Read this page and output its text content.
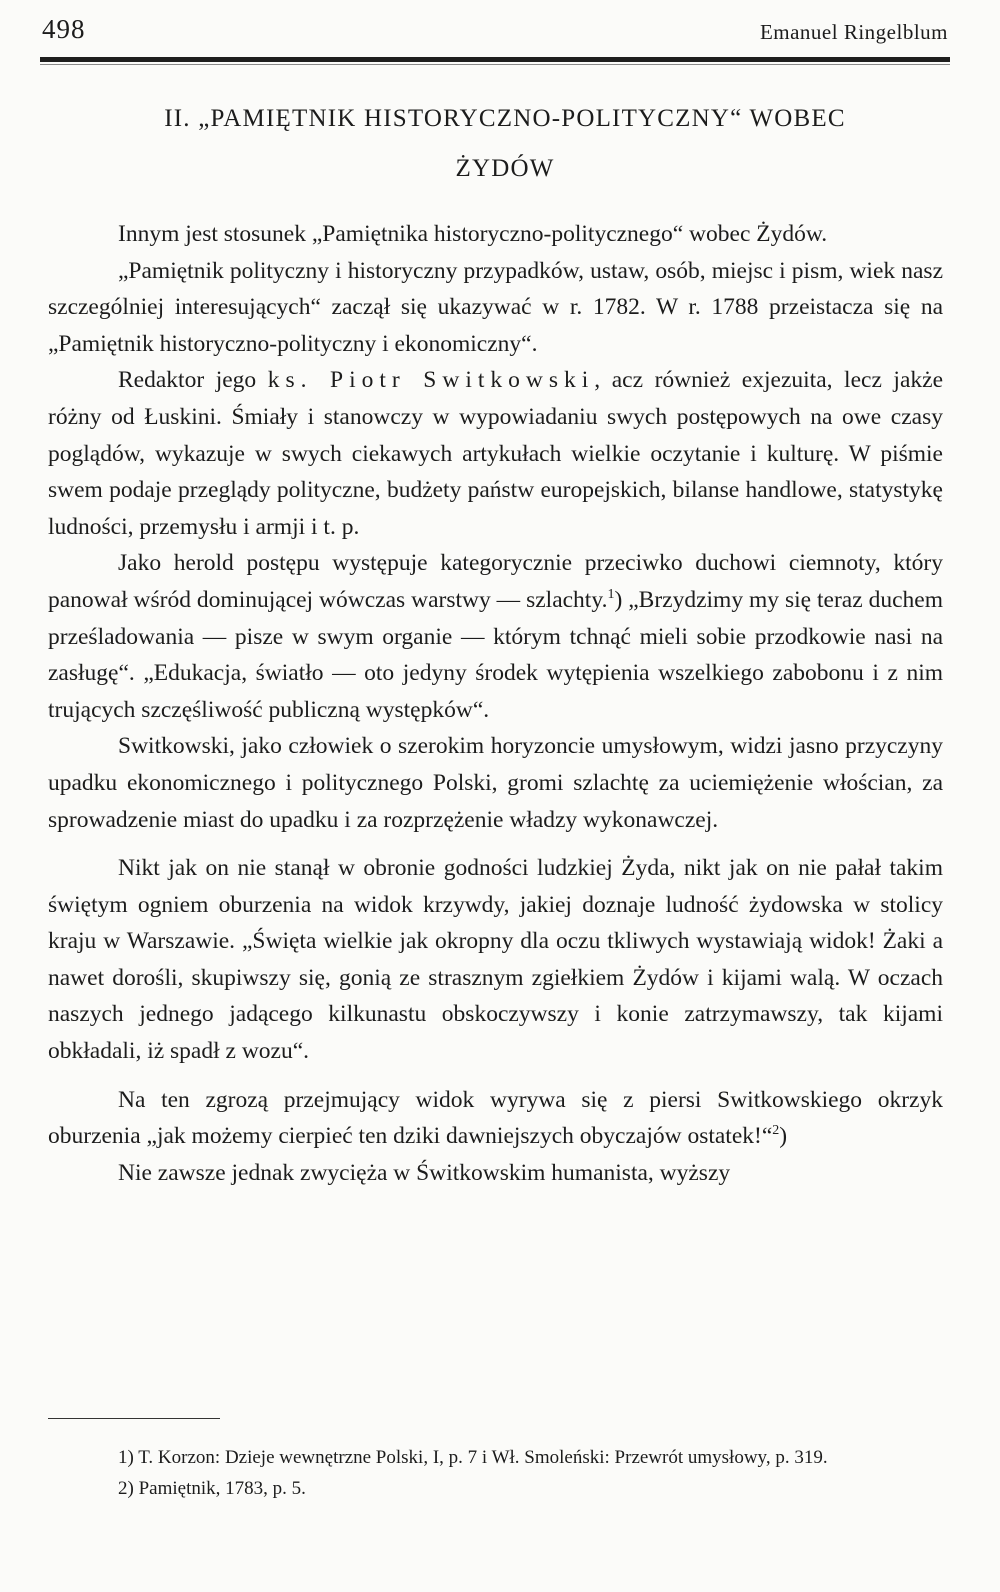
498	Emanuel Ringelblum
II. „PAMIĘTNIK HISTORYCZNO-POLITYCZNY“ WOBEC
ŻYDÓW

Innym jest stosunek „Pamiętnika historyczno-politycznego“ wobec Żydów.

„Pamiętnik polityczny i historyczny przypadków, ustaw, osób, miejsc i pism, wiek nasz szczególniej interesujących“ zaczął się ukazywać w r. 1782. W r. 1788 przeistacza się na „Pamiętnik historyczno-polityczny i ekonomiczny“.

Redaktor jego ks. Piotr Switkowski, acz również exjezuita, lecz jakże różny od Łuskini. Śmiały i stanowczy w wypowiadaniu swych postępowych na owe czasy poglądów, wykazuje w swych ciekawych artykułach wielkie oczytanie i kulturę. W piśmie swem podaje przeglądy polityczne, budżety państw europejskich, bilanse handlowe, statystykę ludności, przemysłu i armji i t. p.

Jako herold postępu występuje kategorycznie przeciwko duchowi ciemnoty, który panował wśród dominującej wówczas warstwy — szlachty.$^1$) „Brzydzimy my się teraz duchem prześladowania — pisze w swym organie — którym tchnąć mieli sobie przodkowie nasi na zasługę“. „Edukacja, światło — oto jedyny środek wytępienia wszelkiego zabobonu i z nim trujących szczęśliwość publiczną występków“.

Switkowski, jako człowiek o szerokim horyzoncie umysłowym, widzi jasno przyczyny upadku ekonomicznego i politycznego Polski, gromi szlachtę za uciemiężenie włościan, za sprowadzenie miast do upadku i za rozprzężenie władzy wykonawczej.

Nikt jak on nie stanął w obronie godności ludzkiej Żyda, nikt jak on nie pałał takim świętym ogniem oburzenia na widok krzywdy, jakiej doznaje ludność żydowska w stolicy kraju w Warszawie. „Święta wielkie jak okropny dla oczu tkliwych wystawiają widok! Żaki a nawet dorośli, skupiwszy się, gonią ze strasznym zgiełkiem Żydów i kijami walą. W oczach naszych jednego jadącego kilkunastu obskoczywszy i konie zatrzymawszy, tak kijami obkładali, iż spadł z wozu“.

Na ten zgrozą przejmujący widok wyrywa się z piersi Switkowskiego okrzyk oburzenia „jak możemy cierpieć ten dziki dawniejszych obyczajów ostatek!“$^2$)

Nie zawsze jednak zwycięża w Świtkowskim humanista, wyższy

1) T. Korzon: Dzieje wewnętrzne Polski, I, p. 7 i Wł. Smoleński: Przewrót umysłowy, p. 319.

2) Pamiętnik, 1783, p. 5.
